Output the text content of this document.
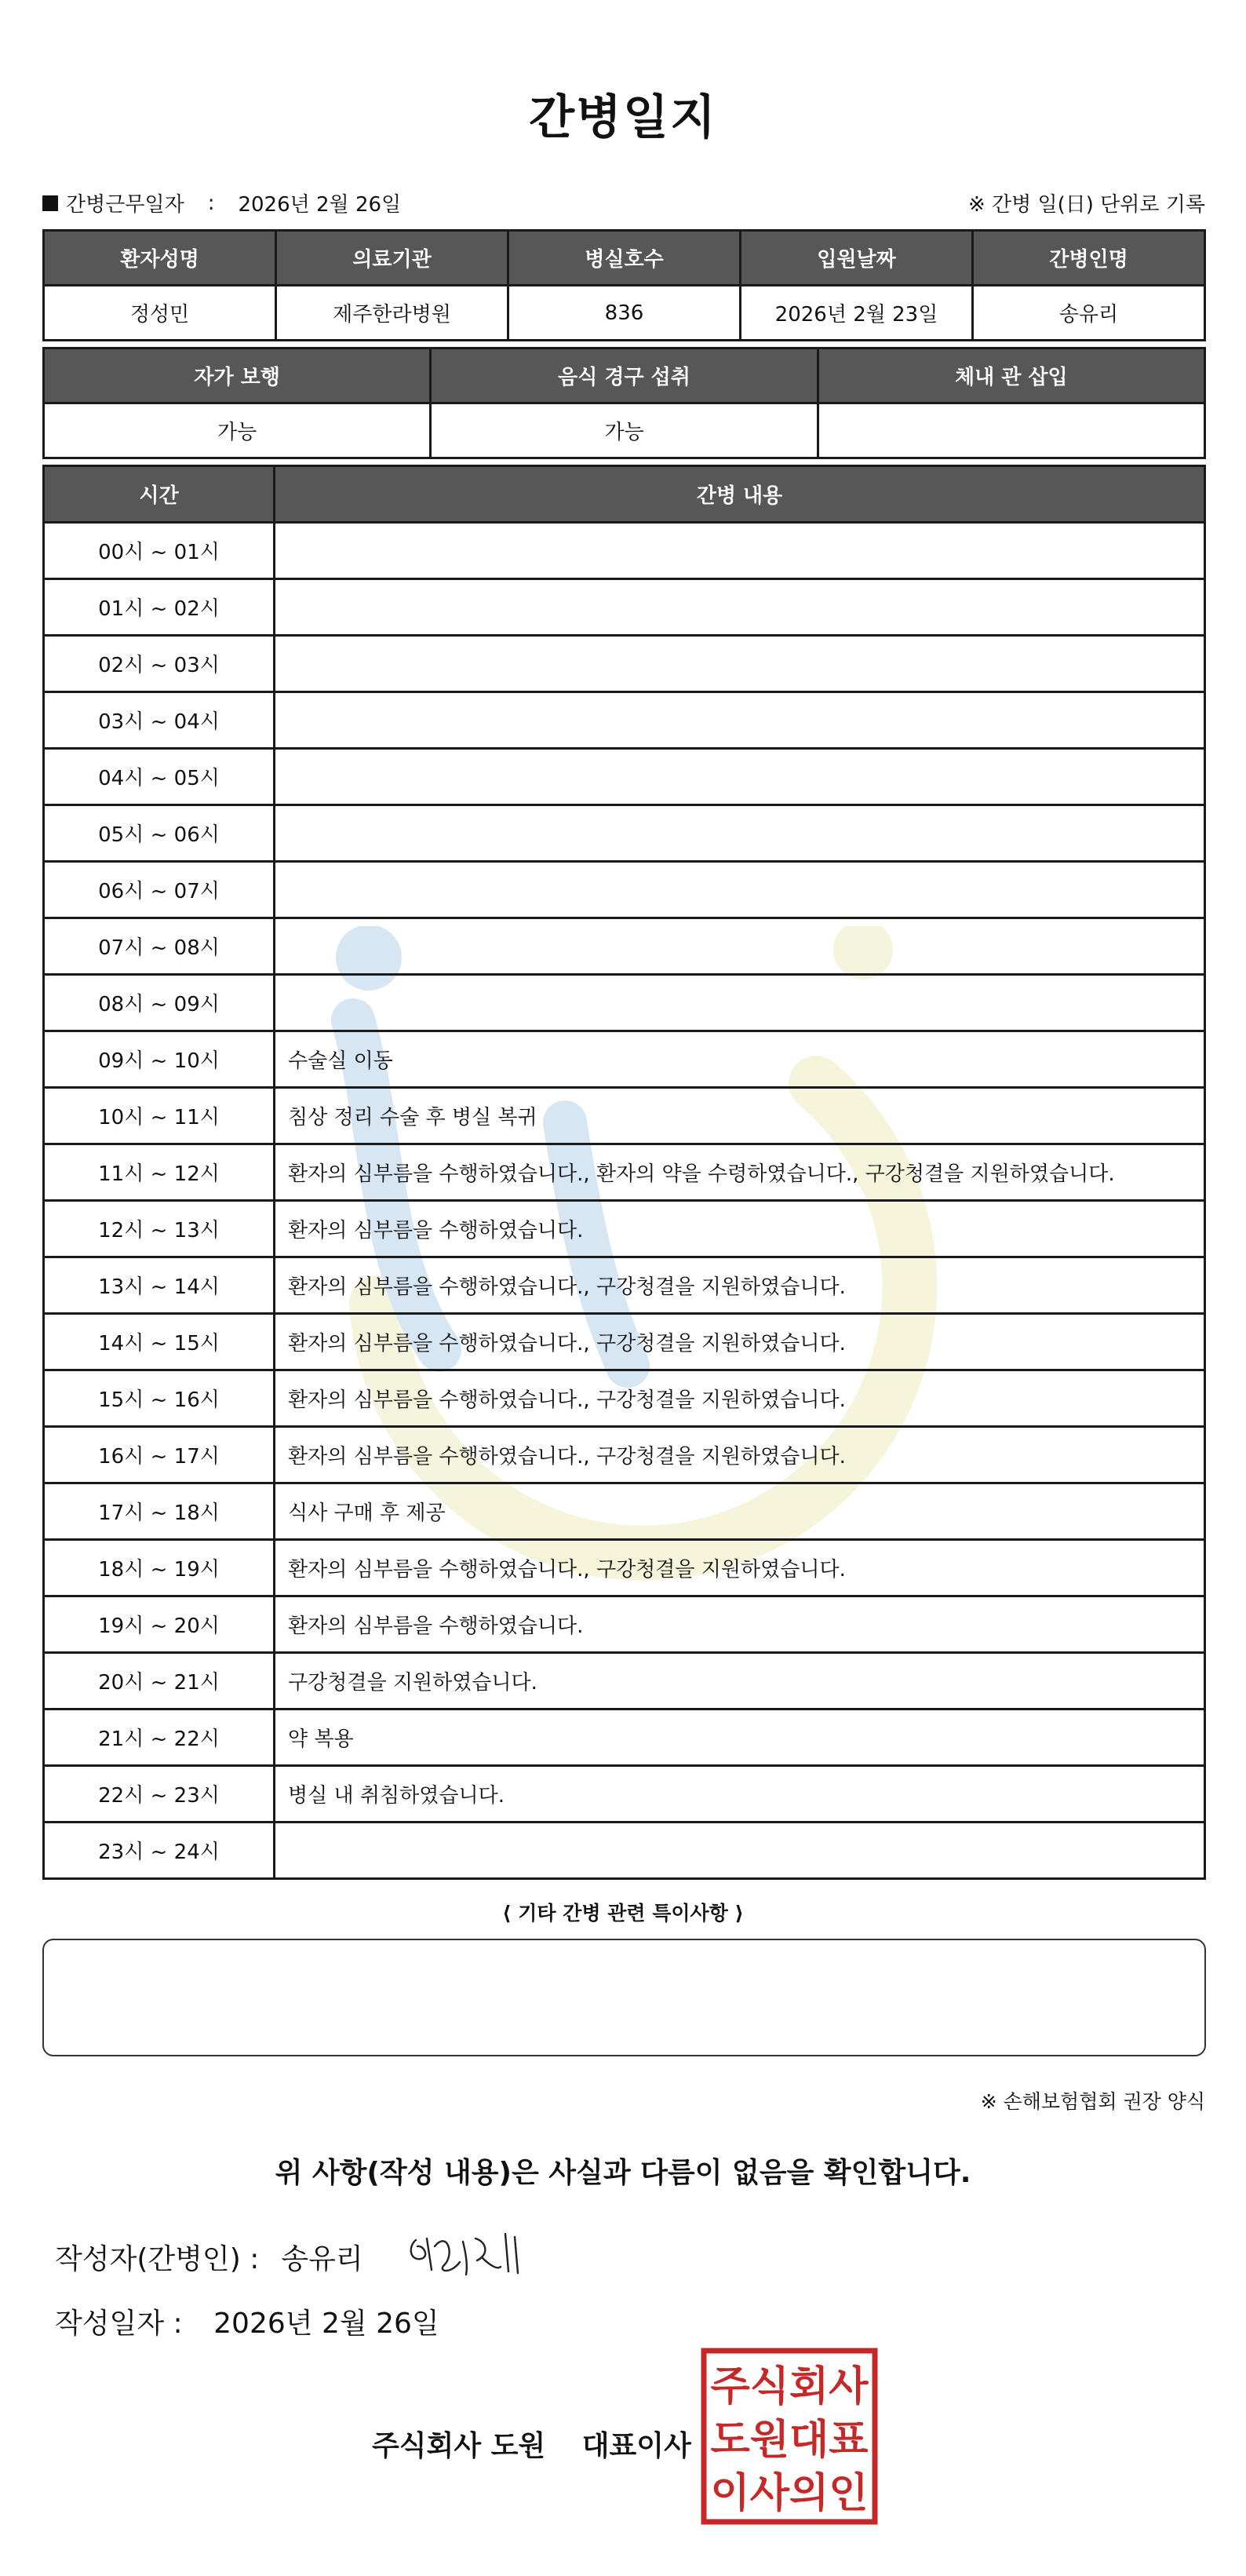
간병일지
간병근무일자 : 2026년 2월 26일	※ 간병 일(日) 단위로 기록
환자성명	의료기관	병실호수	입원날짜	간병인명
정성민	제주한라병원	836	2026년 2월 23일	송유리
자가 보행	음식 경구 섭취	체내 관 삽입
가능	가능	
시간	간병 내용
00시 ~ 01시	
01시 ~ 02시	
02시 ~ 03시	
03시 ~ 04시	
04시 ~ 05시	
05시 ~ 06시	
06시 ~ 07시	
07시 ~ 08시	
08시 ~ 09시	
09시 ~ 10시	수술실 이동
10시 ~ 11시	침상 정리 수술 후 병실 복귀
11시 ~ 12시	환자의 심부름을 수행하였습니다., 환자의 약을 수령하였습니다., 구강청결을 지원하였습니다.
12시 ~ 13시	환자의 심부름을 수행하였습니다.
13시 ~ 14시	환자의 심부름을 수행하였습니다., 구강청결을 지원하였습니다.
14시 ~ 15시	환자의 심부름을 수행하였습니다., 구강청결을 지원하였습니다.
15시 ~ 16시	환자의 심부름을 수행하였습니다., 구강청결을 지원하였습니다.
16시 ~ 17시	환자의 심부름을 수행하였습니다., 구강청결을 지원하였습니다.
17시 ~ 18시	식사 구매 후 제공
18시 ~ 19시	환자의 심부름을 수행하였습니다., 구강청결을 지원하였습니다.
19시 ~ 20시	환자의 심부름을 수행하였습니다.
20시 ~ 21시	구강청결을 지원하였습니다.
21시 ~ 22시	약 복용
22시 ~ 23시	병실 내 취침하였습니다.
23시 ~ 24시	
⟨ 기타 간병 관련 특이사항 ⟩
※ 손해보험협회 권장 양식
위 사항(작성 내용)은 사실과 다름이 없음을 확인합니다.
작성자(간병인) : 송유리
작성일자 : 2026년 2월 26일
주식회사 도원 대표이사
주식회사
도원대표
이사의인
